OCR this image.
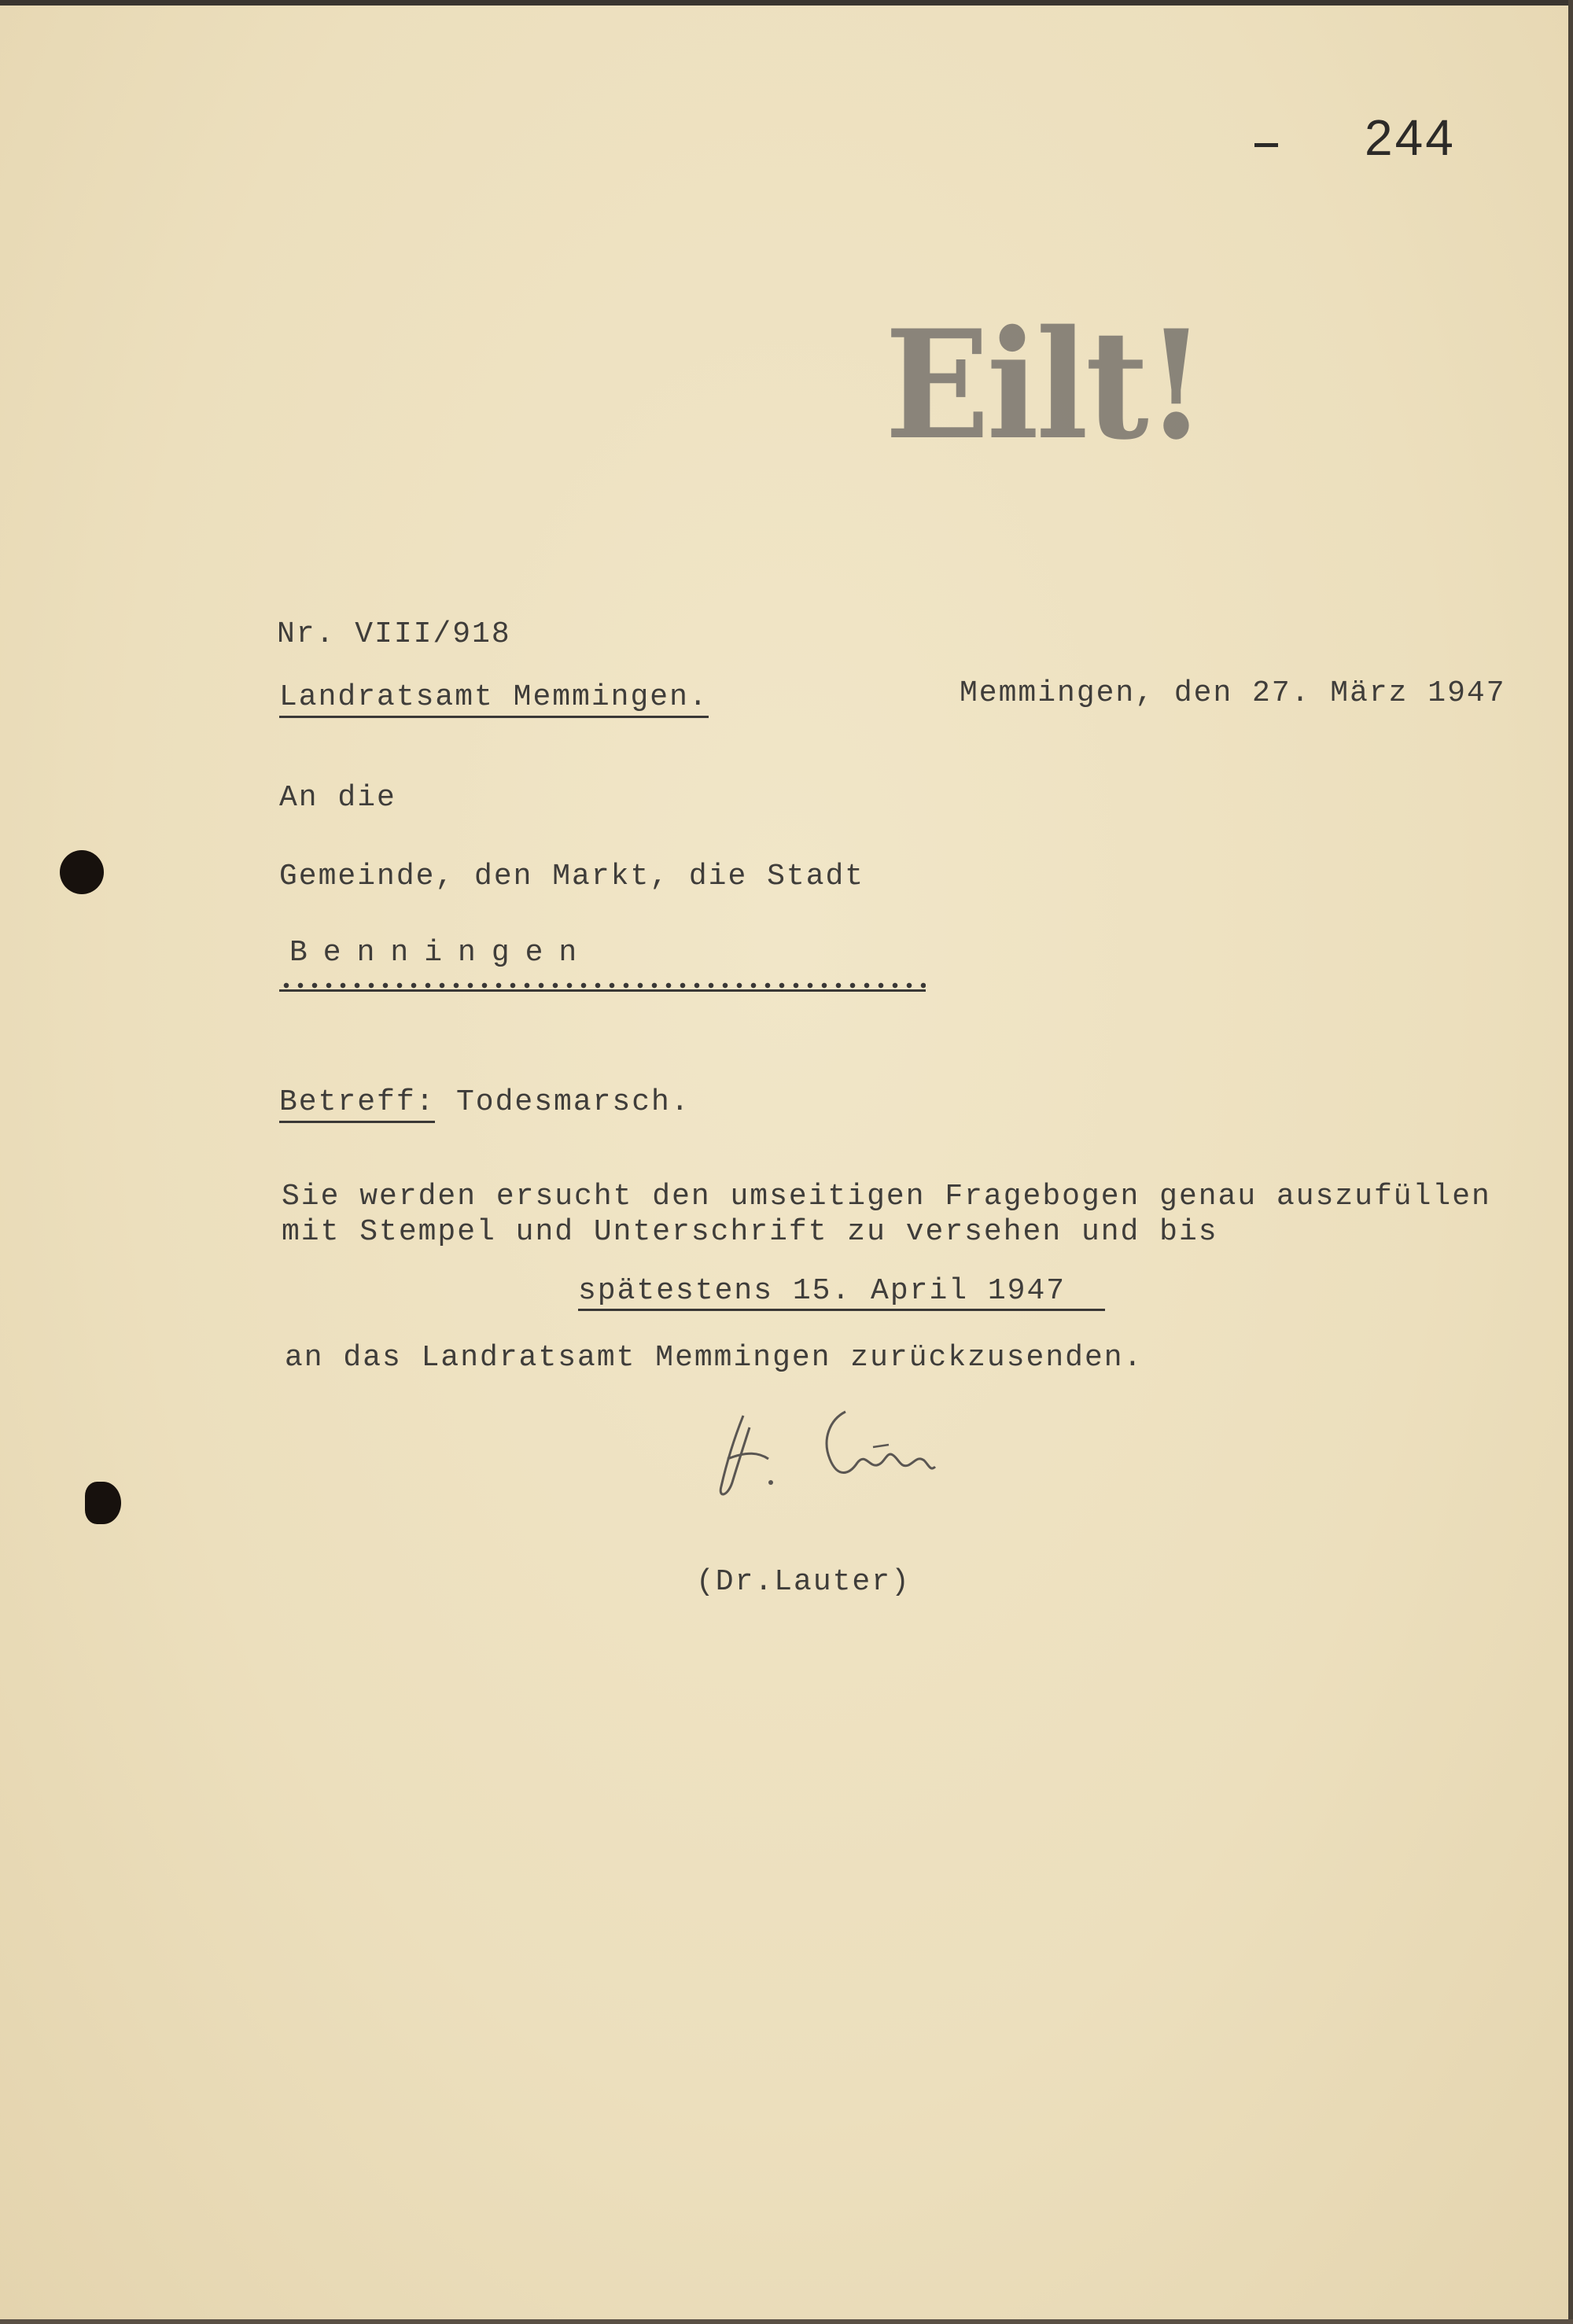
244
Eilt!
Nr. VIII/918
Landratsamt Memmingen.	Memmingen, den 27. März 1947
An die
Gemeinde, den Markt, die Stadt
Benningen
Betreff: Todesmarsch.
Sie werden ersucht den umseitigen Fragebogen genau auszufüllen
mit Stempel und Unterschrift zu versehen und bis
spätestens 15. April 1947
an das Landratsamt Memmingen zurückzusenden.
(Dr.Lauter)
